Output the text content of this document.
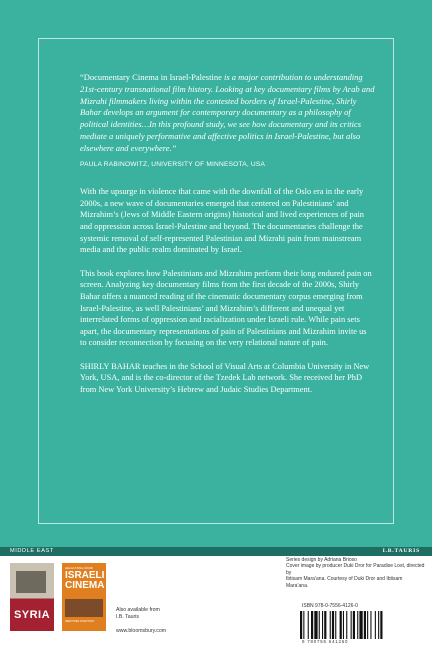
“Documentary Cinema in Israel-Palestine is a major contribution to understanding 21st-century transnational film history. Looking at key documentary films by Arab and Mizrahi filmmakers living within the contested borders of Israel-Palestine, Shirly Bahar develops an argument for contemporary documentary as a philosophy of political identities…In this profound study, we see how documentary and its critics mediate a uniquely performative and affective politics in Israel-Palestine, but also elsewhere and everywhere.”

PAULA RABINOWITZ, UNIVERSITY OF MINNESOTA, USA

With the upsurge in violence that came with the downfall of the Oslo era in the early 2000s, a new wave of documentaries emerged that centered on Palestinians’ and Mizrahim’s (Jews of Middle Eastern origins) historical and lived experiences of pain and oppression across Israel-Palestine and beyond. The documentaries challenge the systemic removal of self-represented Palestinian and Mizrahi pain from mainstream media and the public realm dominated by Israel.

This book explores how Palestinians and Mizrahim perform their long endured pain on screen. Analyzing key documentary films from the first decade of the 2000s, Shirly Bahar offers a nuanced reading of the cinematic documentary corpus emerging from Israel-Palestine, as well Palestinians’ and Mizrahim’s different and unequal yet interrelated forms of oppression and racialization under Israeli rule. While pain sets apart, the documentary representations of pain of Palestinians and Mizrahim invite us to consider reconnection by focusing on the very relational nature of pain.

SHIRLY BAHAR teaches in the School of Visual Arts at Columbia University in New York, USA, and is the co-director of the Tzedek Lab network. She received her PhD from New York University’s Hebrew and Judaic Studies Department.

MIDDLE EAST	I.B.TAURIS
SYRIA
HELGA TAWIL-SOURI
ISRAELI CINEMA
IDENTITIES IN MOTION
Also available from
I.B. Tauris
www.bloomsbury.com
Series design by Adriana Brioso
Cover image by producer Duki Dror for Paradise Lost, directed by
Ibtisam Mara’ana. Courtesy of Duki Dror and Ibtisam Mara’ana.
ISBN 978-0-7556-4126-0
9 780755 641260
